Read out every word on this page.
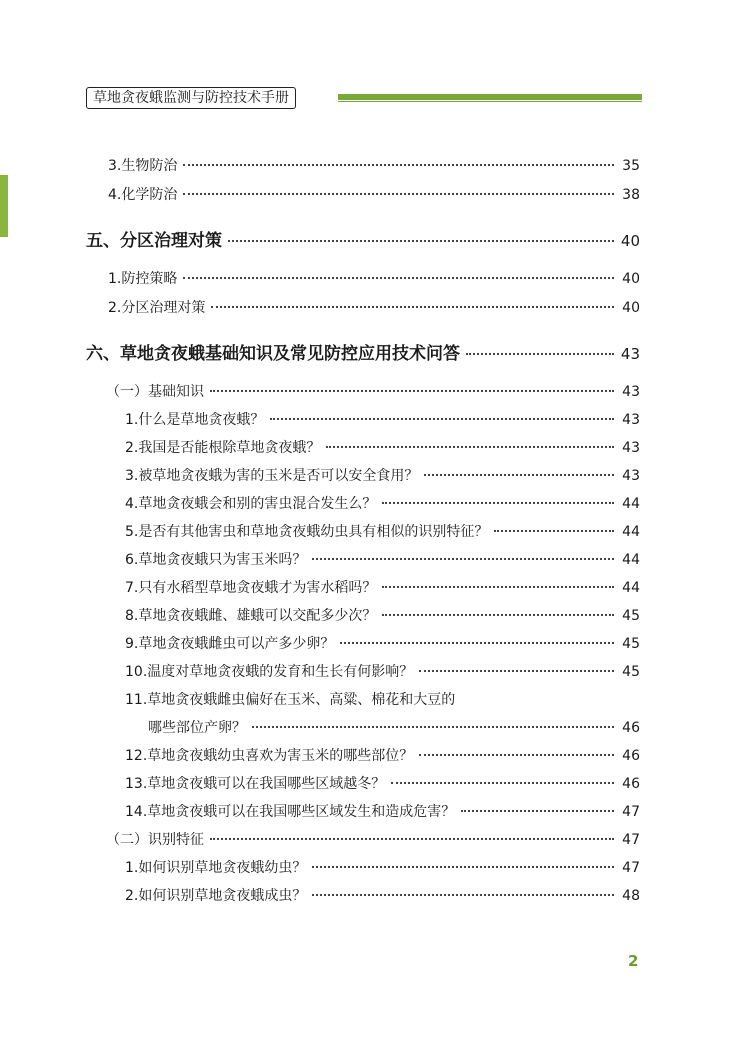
草地贪夜蛾监测与防控技术手册
3.生物防治	35
4.化学防治	38
五、分区治理对策	40
1.防控策略	40
2.分区治理对策	40
六、草地贪夜蛾基础知识及常见防控应用技术问答	43
（一）基础知识	43
1.什么是草地贪夜蛾？	43
2.我国是否能根除草地贪夜蛾？	43
3.被草地贪夜蛾为害的玉米是否可以安全食用？	43
4.草地贪夜蛾会和别的害虫混合发生么？	44
5.是否有其他害虫和草地贪夜蛾幼虫具有相似的识别特征？	44
6.草地贪夜蛾只为害玉米吗？	44
7.只有水稻型草地贪夜蛾才为害水稻吗？	44
8.草地贪夜蛾雌、雄蛾可以交配多少次？	45
9.草地贪夜蛾雌虫可以产多少卵？	45
10.温度对草地贪夜蛾的发育和生长有何影响？	45
11.草地贪夜蛾雌虫偏好在玉米、高粱、棉花和大豆的
哪些部位产卵？	46
12.草地贪夜蛾幼虫喜欢为害玉米的哪些部位？	46
13.草地贪夜蛾可以在我国哪些区域越冬？	46
14.草地贪夜蛾可以在我国哪些区域发生和造成危害？	47
（二）识别特征	47
1.如何识别草地贪夜蛾幼虫？	47
2.如何识别草地贪夜蛾成虫？	48
2
